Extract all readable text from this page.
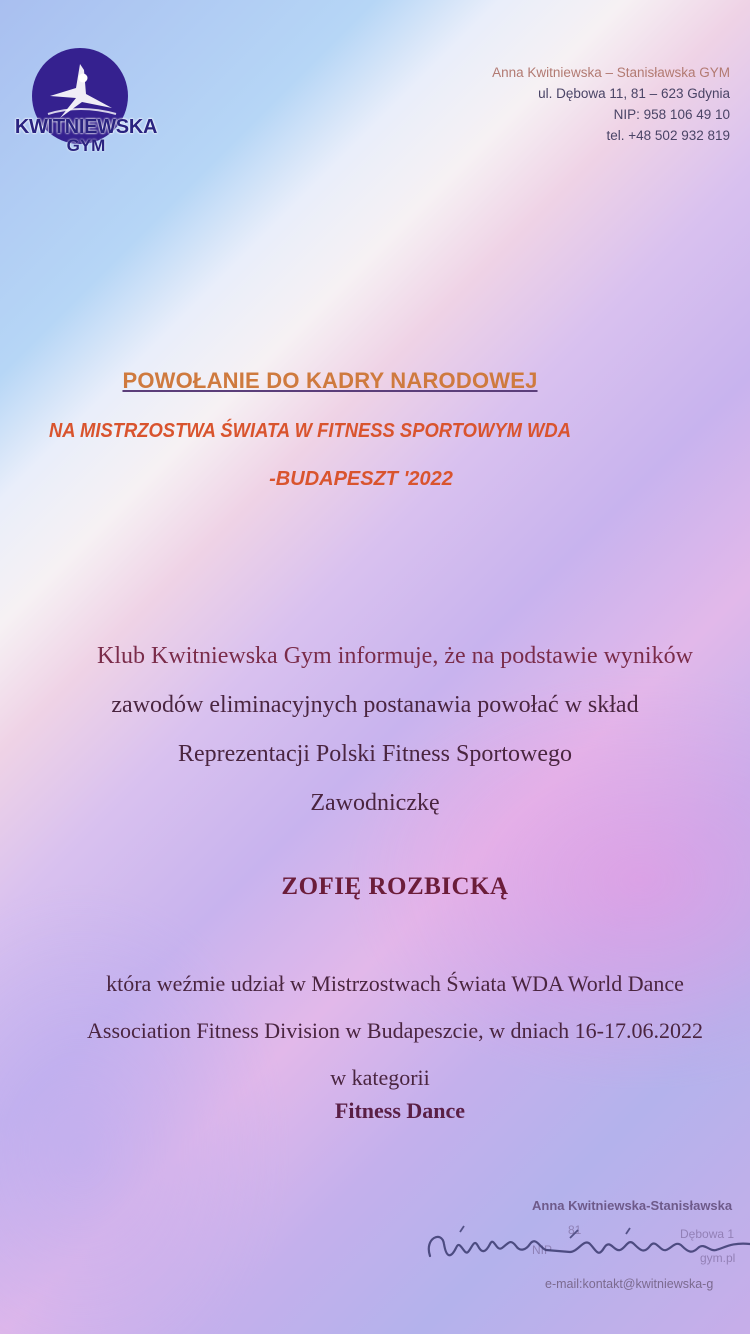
KWITNIEWSKA
GYM
Anna Kwitniewska – Stanisławska GYM
ul. Dębowa 11, 81 – 623 Gdynia
NIP: 958 106 49 10
tel. +48 502 932 819
POWOŁANIE DO KADRY NARODOWEJ
NA MISTRZOSTWA ŚWIATA W FITNESS SPORTOWYM WDA
-BUDAPESZT '2022
Klub Kwitniewska Gym informuje, że na podstawie wyników
zawodów eliminacyjnych postanawia powołać w skład
Reprezentacji Polski Fitness Sportowego
Zawodniczkę
ZOFIĘ ROZBICKĄ
która weźmie udział w Mistrzostwach Świata WDA World Dance
Association Fitness Division w Budapeszcie, w dniach 16-17.06.2022
w kategorii
Fitness Dance
Anna Kwitniewska-Stanisławska
81	Dębowa 1
NIP
gym.pl
e-mail:kontakt@kwitniewska-g
